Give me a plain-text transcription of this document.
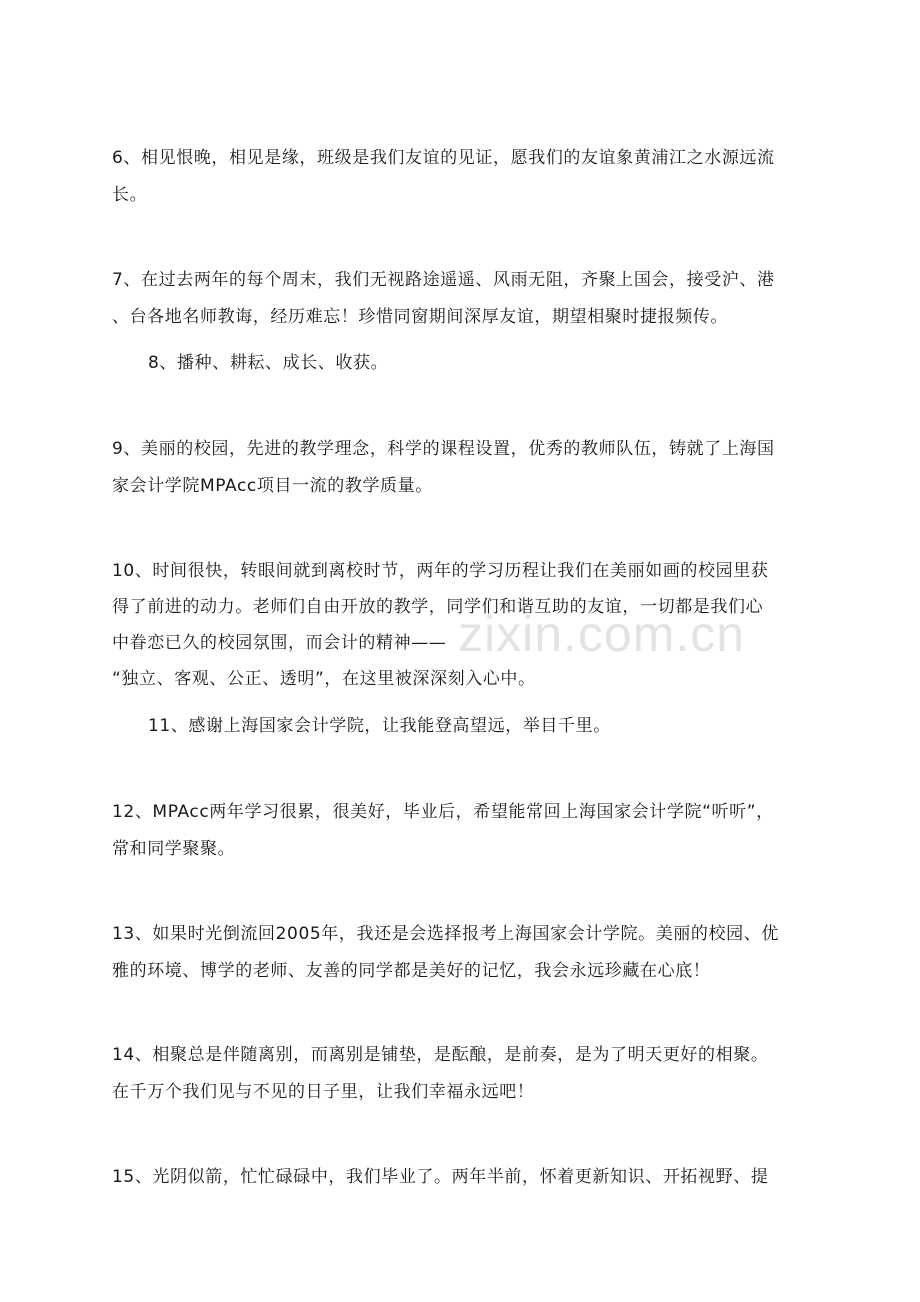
zixin.com.cn
6、相见恨晚，相见是缘，班级是我们友谊的见证，愿我们的友谊象黄浦江之水源远流
长。
7、在过去两年的每个周末，我们无视路途遥遥、风雨无阻，齐聚上国会，接受沪、港
、台各地名师教诲，经历难忘！珍惜同窗期间深厚友谊，期望相聚时捷报频传。
8、播种、耕耘、成长、收获。
9、美丽的校园，先进的教学理念，科学的课程设置，优秀的教师队伍，铸就了上海国
家会计学院MPAcc项目一流的教学质量。
10、时间很快，转眼间就到离校时节，两年的学习历程让我们在美丽如画的校园里获
得了前进的动力。老师们自由开放的教学，同学们和谐互助的友谊，一切都是我们心
中眷恋已久的校园氛围，而会计的精神——
“独立、客观、公正、透明”，在这里被深深刻入心中。
11、感谢上海国家会计学院，让我能登高望远，举目千里。
12、MPAcc两年学习很累，很美好，毕业后，希望能常回上海国家会计学院“听听”，
常和同学聚聚。
13、如果时光倒流回2005年，我还是会选择报考上海国家会计学院。美丽的校园、优
雅的环境、博学的老师、友善的同学都是美好的记忆，我会永远珍藏在心底！
14、相聚总是伴随离别，而离别是铺垫，是酝酿，是前奏，是为了明天更好的相聚。
在千万个我们见与不见的日子里，让我们幸福永远吧！
15、光阴似箭，忙忙碌碌中，我们毕业了。两年半前，怀着更新知识、开拓视野、提
